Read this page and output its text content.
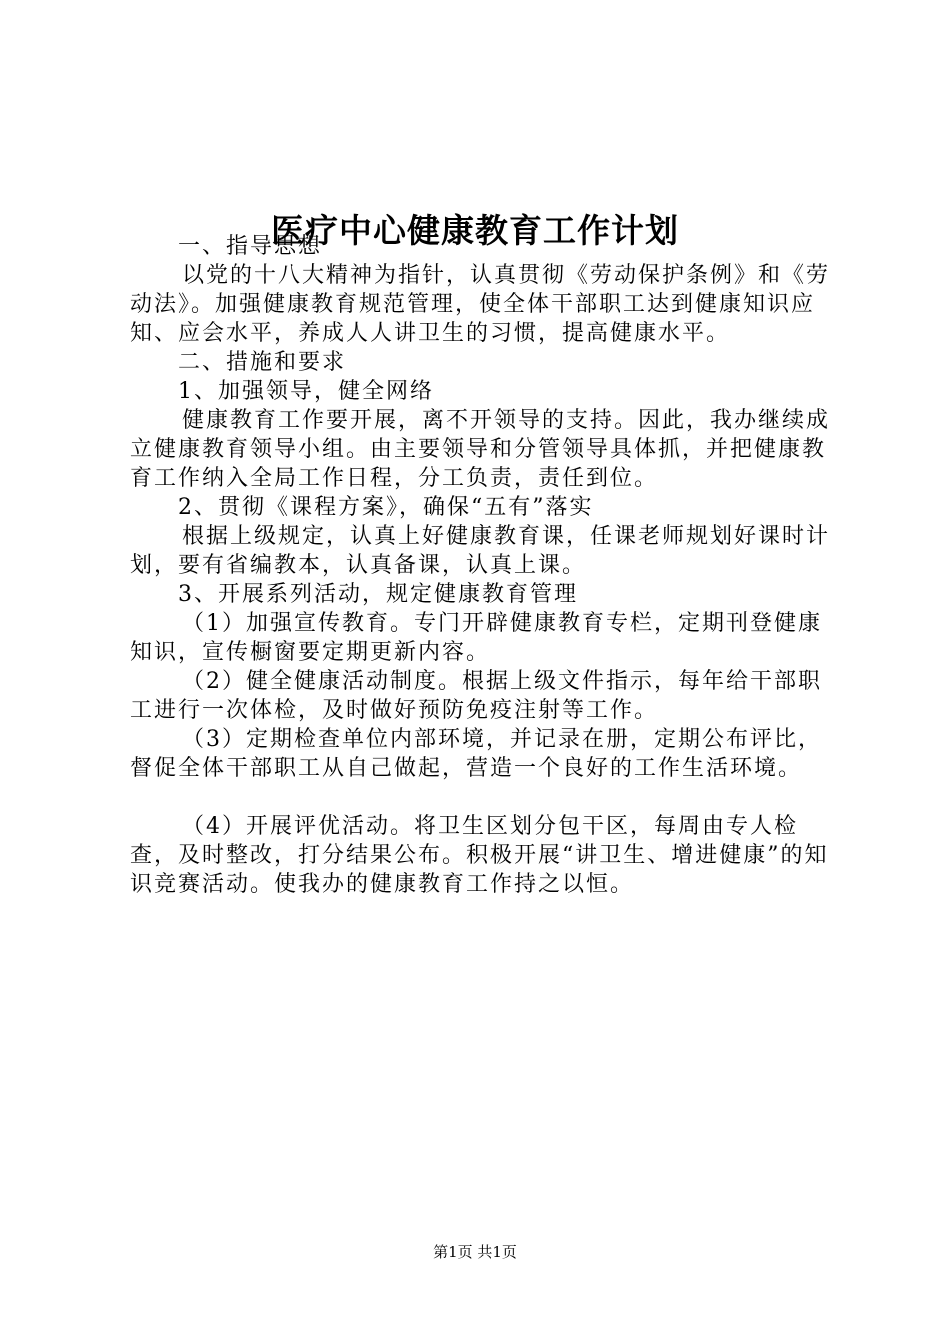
医疗中心健康教育工作计划

一、指导思想

以党的十八大精神为指针，认真贯彻《劳动保护条例》和《劳动法》。加强健康教育规范管理，使全体干部职工达到健康知识应知、应会水平，养成人人讲卫生的习惯，提高健康水平。

二、措施和要求

1、加强领导，健全网络

健康教育工作要开展，离不开领导的支持。因此，我办继续成立健康教育领导小组。由主要领导和分管领导具体抓，并把健康教育工作纳入全局工作日程，分工负责，责任到位。

2、贯彻《课程方案》，确保“五有”落实

根据上级规定，认真上好健康教育课，任课老师规划好课时计划，要有省编教本，认真备课，认真上课。

3、开展系列活动，规定健康教育管理

（1）加强宣传教育。专门开辟健康教育专栏，定期刊登健康知识，宣传橱窗要定期更新内容。

（2）健全健康活动制度。根据上级文件指示，每年给干部职工进行一次体检，及时做好预防免疫注射等工作。

（3）定期检查单位内部环境，并记录在册，定期公布评比，督促全体干部职工从自己做起，营造一个良好的工作生活环境。

（4）开展评优活动。将卫生区划分包干区，每周由专人检查，及时整改，打分结果公布。积极开展“讲卫生、增进健康”的知识竞赛活动。使我办的健康教育工作持之以恒。

第1页 共1页
